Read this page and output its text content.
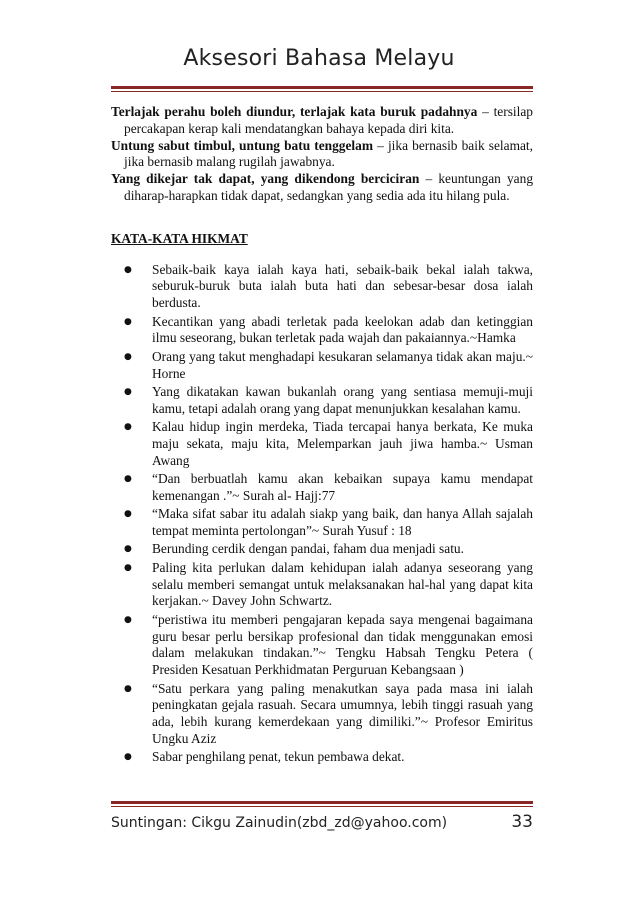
Aksesori Bahasa Melayu

Terlajak perahu boleh diundur, terlajak kata buruk padahnya – tersilap percakapan kerap kali mendatangkan bahaya kepada diri kita.

Untung sabut timbul, untung batu tenggelam – jika bernasib baik selamat, jika bernasib malang rugilah jawabnya.

Yang dikejar tak dapat, yang dikendong berciciran – keuntungan yang diharap-harapkan tidak dapat, sedangkan yang sedia ada itu hilang pula.

KATA-KATA HIKMAT
● Sebaik-baik kaya ialah kaya hati, sebaik-baik bekal ialah takwa, seburuk-buruk buta ialah buta hati dan sebesar-besar dosa ialah berdusta.
● Kecantikan yang abadi terletak pada keelokan adab dan ketinggian ilmu seseorang, bukan terletak pada wajah dan pakaiannya.~Hamka
● Orang yang takut menghadapi kesukaran selamanya tidak akan maju.~ Horne
● Yang dikatakan kawan bukanlah orang yang sentiasa memuji-muji kamu, tetapi adalah orang yang dapat menunjukkan kesalahan kamu.
● Kalau hidup ingin merdeka, Tiada tercapai hanya berkata, Ke muka maju sekata, maju kita, Melemparkan jauh jiwa hamba.~ Usman Awang
● “Dan berbuatlah kamu akan kebaikan supaya kamu mendapat kemenangan .”~ Surah al- Hajj:77
● “Maka sifat sabar itu adalah siakp yang baik, dan hanya Allah sajalah tempat meminta pertolongan”~ Surah Yusuf : 18
● Berunding cerdik dengan pandai, faham dua menjadi satu.
● Paling kita perlukan dalam kehidupan ialah adanya seseorang yang selalu memberi semangat untuk melaksanakan hal-hal yang dapat kita kerjakan.~ Davey John Schwartz.
● “peristiwa itu memberi pengajaran kepada saya mengenai bagaimana guru besar perlu bersikap profesional dan tidak menggunakan emosi dalam melakukan tindakan.”~ Tengku Habsah Tengku Petera ( Presiden Kesatuan Perkhidmatan Perguruan Kebangsaan )
● “Satu perkara yang paling menakutkan saya pada masa ini ialah peningkatan gejala rasuah. Secara umumnya, lebih tinggi rasuah yang ada, lebih kurang kemerdekaan yang dimiliki.”~ Profesor Emiritus Ungku Aziz
● Sabar penghilang penat, tekun pembawa dekat.
Suntingan: Cikgu Zainudin(zbd_zd@yahoo.com)	33
